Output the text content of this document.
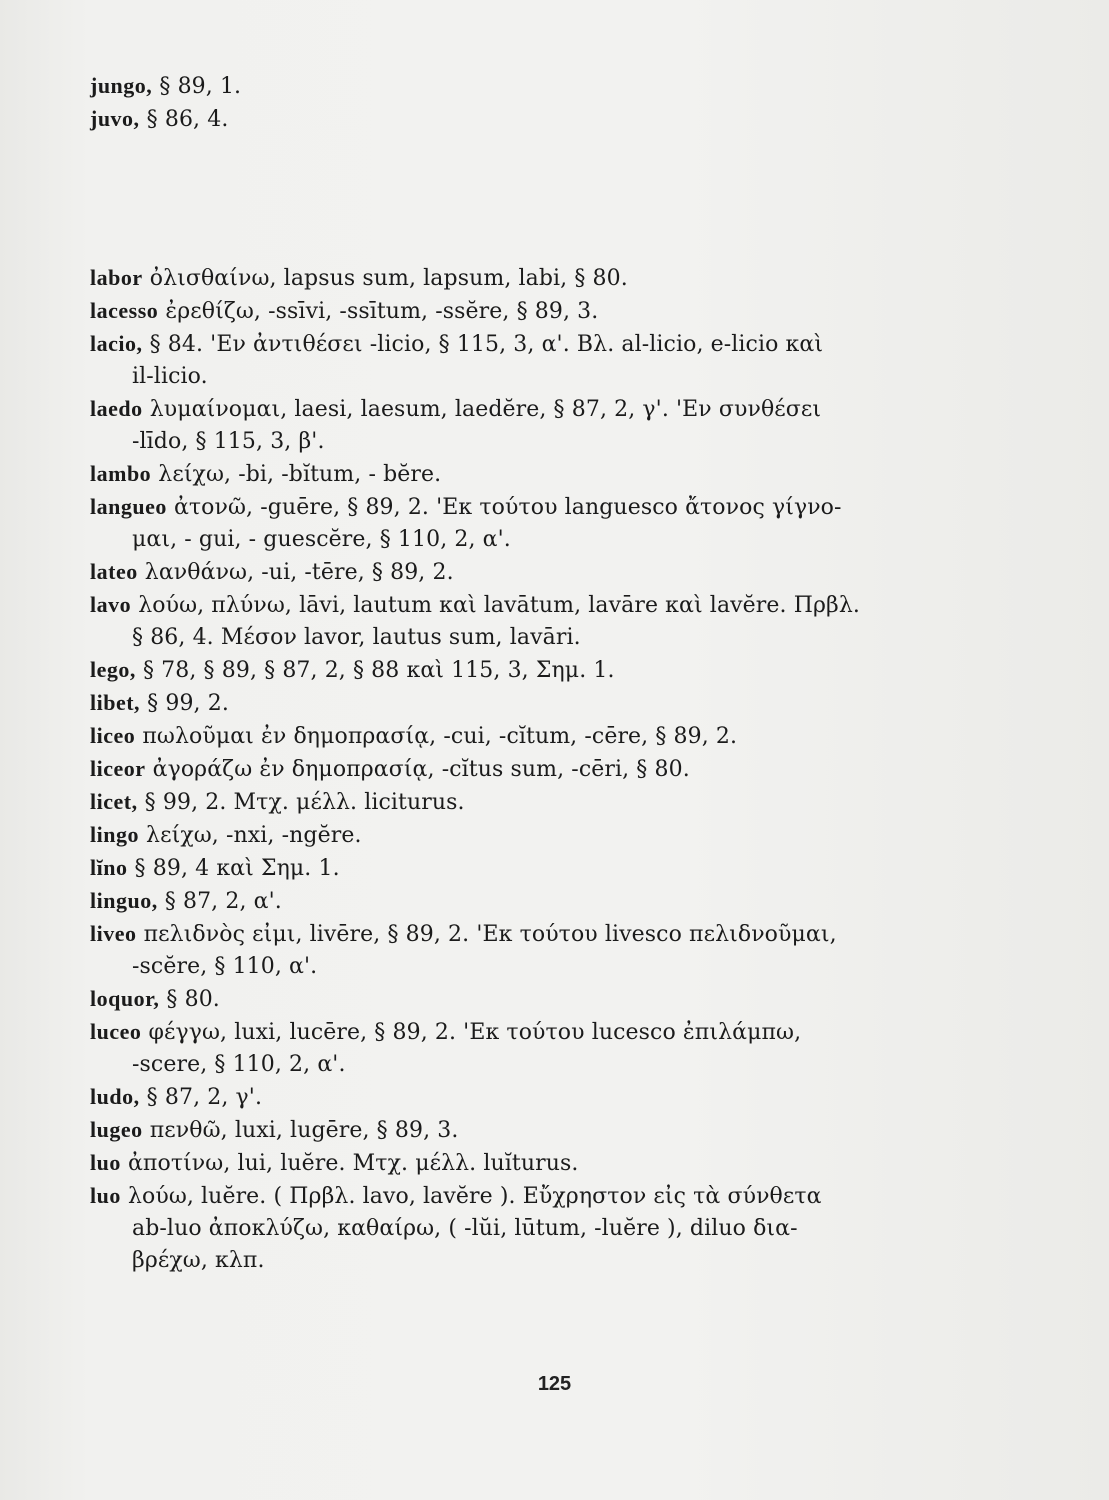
jungo, § 89, 1.
juvo, § 86, 4.
labor ὀλισθαίνω, lapsus sum, lapsum, labi, § 80.
lacesso ἐρεθίζω, -ssīvi, -ssītum, -ssĕre, § 89, 3.
lacio, § 84. 'Εν ἀντιθέσει -licio, § 115, 3, α'. Βλ. al-licio, e-licio καὶ
il-licio.
laedo λυμαίνομαι, laesi, laesum, laedĕre, § 87, 2, γ'. 'Εν συνθέσει
-līdo, § 115, 3, β'.
lambo λείχω, -bi, -bĭtum, - bĕre.
langueo ἀτονῶ, -guēre, § 89, 2. 'Εκ τούτου languesco ἄτονος γίγνο-
μαι, - gui, - guescĕre, § 110, 2, α'.
lateo λανθάνω, -ui, -tēre, § 89, 2.
lavo λούω, πλύνω, lāvi, lautum καὶ lavātum, lavāre καὶ lavĕre. Πρβλ.
§ 86, 4. Μέσον lavor, lautus sum, lavāri.
lego, § 78, § 89, § 87, 2, § 88 καὶ 115, 3, Σημ. 1.
libet, § 99, 2.
liceo πωλοῦμαι ἐν δημοπρασίᾳ, -cui, -cĭtum, -cēre, § 89, 2.
liceor ἀγοράζω ἐν δημοπρασίᾳ, -cĭtus sum, -cēri, § 80.
licet, § 99, 2. Μτχ. μέλλ. liciturus.
lingo λείχω, -nxi, -ngĕre.
lĭno § 89, 4 καὶ Σημ. 1.
linguo, § 87, 2, α'.
liveo πελιδνὸς εἰμι, livēre, § 89, 2. 'Εκ τούτου livesco πελιδνοῦμαι,
-scĕre, § 110, α'.
loquor, § 80.
luceo φέγγω, luxi, lucēre, § 89, 2. 'Εκ τούτου lucesco ἐπιλάμπω,
-scere, § 110, 2, α'.
ludo, § 87, 2, γ'.
lugeo πενθῶ, luxi, lugēre, § 89, 3.
luo ἀποτίνω, lui, luĕre. Μτχ. μέλλ. luĭturus.
luo λούω, luĕre. ( Πρβλ. lavo, lavĕre ). Εὔχρηστον εἰς τὰ σύνθετα
ab-luo ἀποκλύζω, καθαίρω, ( -lŭi, lūtum, -luĕre ), diluo δια-
βρέχω, κλπ.
125
